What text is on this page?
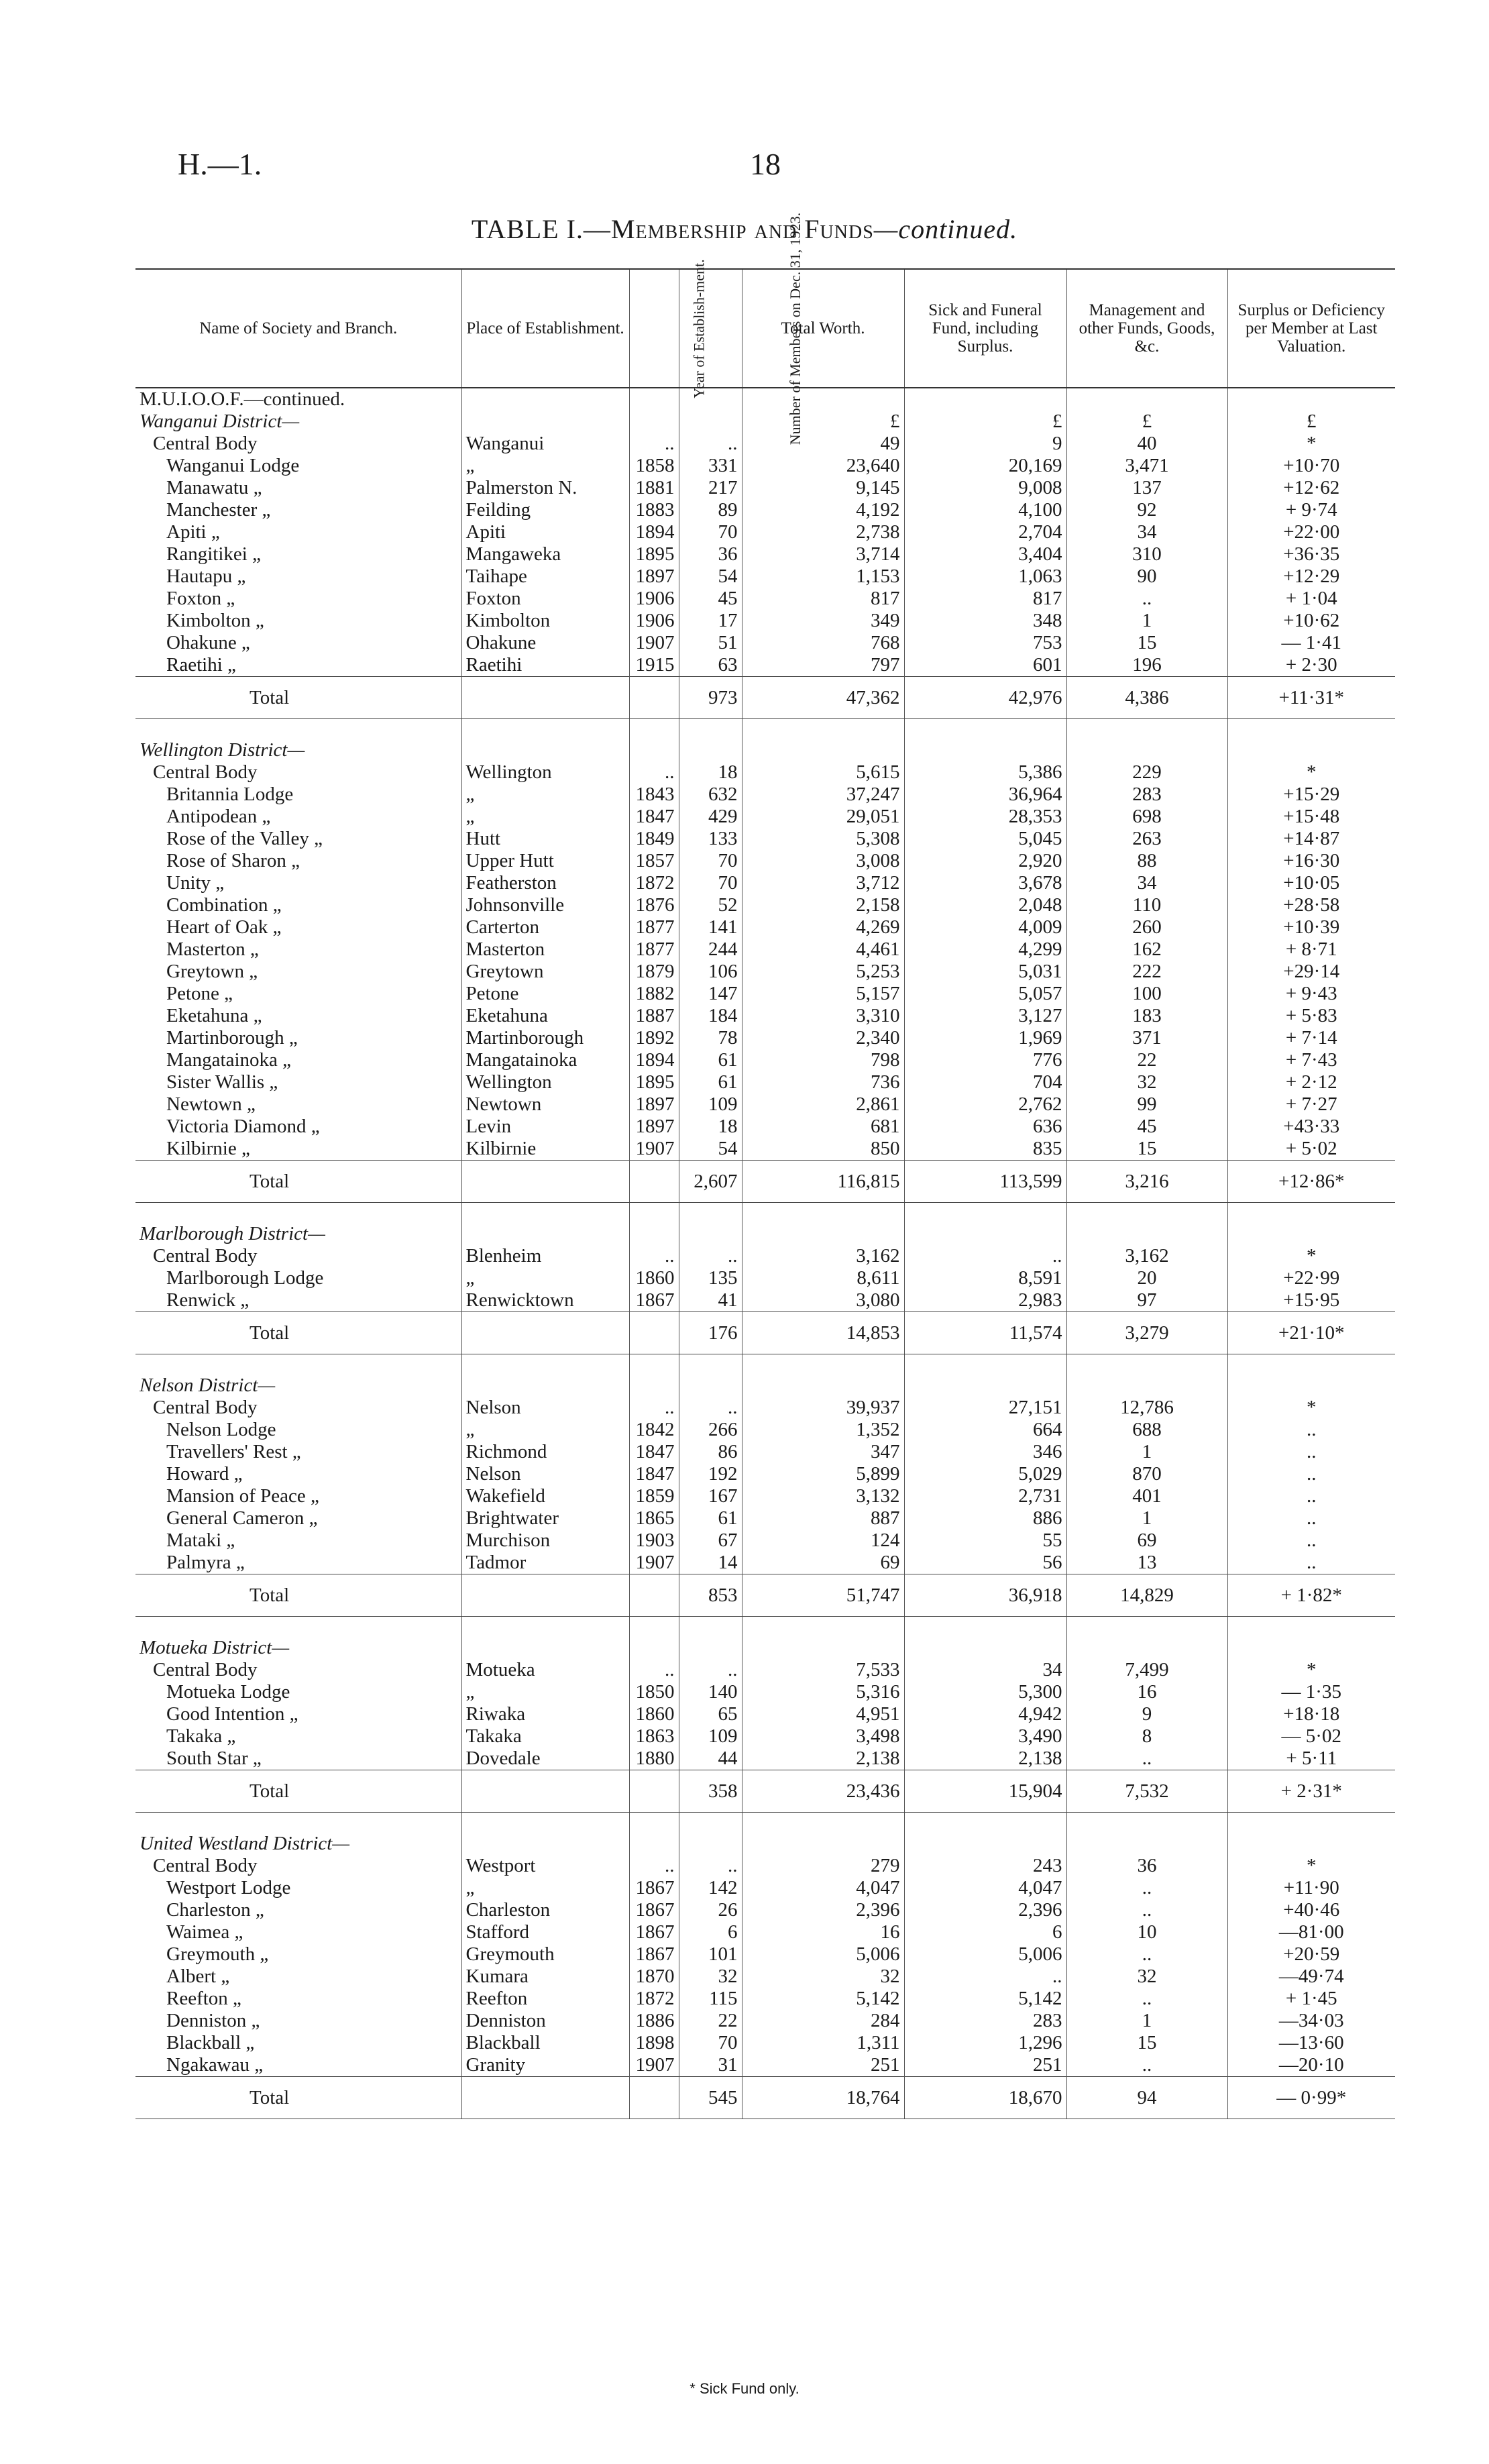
H.—1.	18
TABLE I.—Membership and Funds—continued.
Name of Society and Branch.	Place of Establishment.	Year of Establish-ment.	Number of Members on Dec. 31, 1923.	Total Worth.	Sick and Funeral Fund, including Surplus.	Management and other Funds, Goods, &c.	Surplus or Deficiency per Member at Last Valuation.
M.U.I.O.O.F.—continued.							
Wanganui District—				£	£	£	£
Central Body	Wanganui	..	..	49	9	40	*
Wanganui Lodge	„	1858	331	23,640	20,169	3,471	+10·70
Manawatu „	Palmerston N.	1881	217	9,145	9,008	137	+12·62
Manchester „	Feilding	1883	89	4,192	4,100	92	+ 9·74
Apiti „	Apiti	1894	70	2,738	2,704	34	+22·00
Rangitikei „	Mangaweka	1895	36	3,714	3,404	310	+36·35
Hautapu „	Taihape	1897	54	1,153	1,063	90	+12·29
Foxton „	Foxton	1906	45	817	817	..	+ 1·04
Kimbolton „	Kimbolton	1906	17	349	348	1	+10·62
Ohakune „	Ohakune	1907	51	768	753	15	— 1·41
Raetihi „	Raetihi	1915	63	797	601	196	+ 2·30
Total			973	47,362	42,976	4,386	+11·31*

Wellington District—							
Central Body	Wellington	..	18	5,615	5,386	229	*
Britannia Lodge	„	1843	632	37,247	36,964	283	+15·29
Antipodean „	„	1847	429	29,051	28,353	698	+15·48
Rose of the Valley „	Hutt	1849	133	5,308	5,045	263	+14·87
Rose of Sharon „	Upper Hutt	1857	70	3,008	2,920	88	+16·30
Unity „	Featherston	1872	70	3,712	3,678	34	+10·05
Combination „	Johnsonville	1876	52	2,158	2,048	110	+28·58
Heart of Oak „	Carterton	1877	141	4,269	4,009	260	+10·39
Masterton „	Masterton	1877	244	4,461	4,299	162	+ 8·71
Greytown „	Greytown	1879	106	5,253	5,031	222	+29·14
Petone „	Petone	1882	147	5,157	5,057	100	+ 9·43
Eketahuna „	Eketahuna	1887	184	3,310	3,127	183	+ 5·83
Martinborough „	Martinborough	1892	78	2,340	1,969	371	+ 7·14
Mangatainoka „	Mangatainoka	1894	61	798	776	22	+ 7·43
Sister Wallis „	Wellington	1895	61	736	704	32	+ 2·12
Newtown „	Newtown	1897	109	2,861	2,762	99	+ 7·27
Victoria Diamond „	Levin	1897	18	681	636	45	+43·33
Kilbirnie „	Kilbirnie	1907	54	850	835	15	+ 5·02
Total			2,607	116,815	113,599	3,216	+12·86*

Marlborough District—							
Central Body	Blenheim	..	..	3,162	..	3,162	*
Marlborough Lodge	„	1860	135	8,611	8,591	20	+22·99
Renwick „	Renwicktown	1867	41	3,080	2,983	97	+15·95
Total			176	14,853	11,574	3,279	+21·10*

Nelson District—							
Central Body	Nelson	..	..	39,937	27,151	12,786	*
Nelson Lodge	„	1842	266	1,352	664	688	..
Travellers' Rest „	Richmond	1847	86	347	346	1	..
Howard „	Nelson	1847	192	5,899	5,029	870	..
Mansion of Peace „	Wakefield	1859	167	3,132	2,731	401	..
General Cameron „	Brightwater	1865	61	887	886	1	..
Mataki „	Murchison	1903	67	124	55	69	..
Palmyra „	Tadmor	1907	14	69	56	13	..
Total			853	51,747	36,918	14,829	+ 1·82*

Motueka District—							
Central Body	Motueka	..	..	7,533	34	7,499	*
Motueka Lodge	„	1850	140	5,316	5,300	16	— 1·35
Good Intention „	Riwaka	1860	65	4,951	4,942	9	+18·18
Takaka „	Takaka	1863	109	3,498	3,490	8	— 5·02
South Star „	Dovedale	1880	44	2,138	2,138	..	+ 5·11
Total			358	23,436	15,904	7,532	+ 2·31*

United Westland District—							
Central Body	Westport	..	..	279	243	36	*
Westport Lodge	„	1867	142	4,047	4,047	..	+11·90
Charleston „	Charleston	1867	26	2,396	2,396	..	+40·46
Waimea „	Stafford	1867	6	16	6	10	—81·00
Greymouth „	Greymouth	1867	101	5,006	5,006	..	+20·59
Albert „	Kumara	1870	32	32	..	32	—49·74
Reefton „	Reefton	1872	115	5,142	5,142	..	+ 1·45
Denniston „	Denniston	1886	22	284	283	1	—34·03
Blackball „	Blackball	1898	70	1,311	1,296	15	—13·60
Ngakawau „	Granity	1907	31	251	251	..	—20·10
Total			545	18,764	18,670	94	— 0·99*
* Sick Fund only.
